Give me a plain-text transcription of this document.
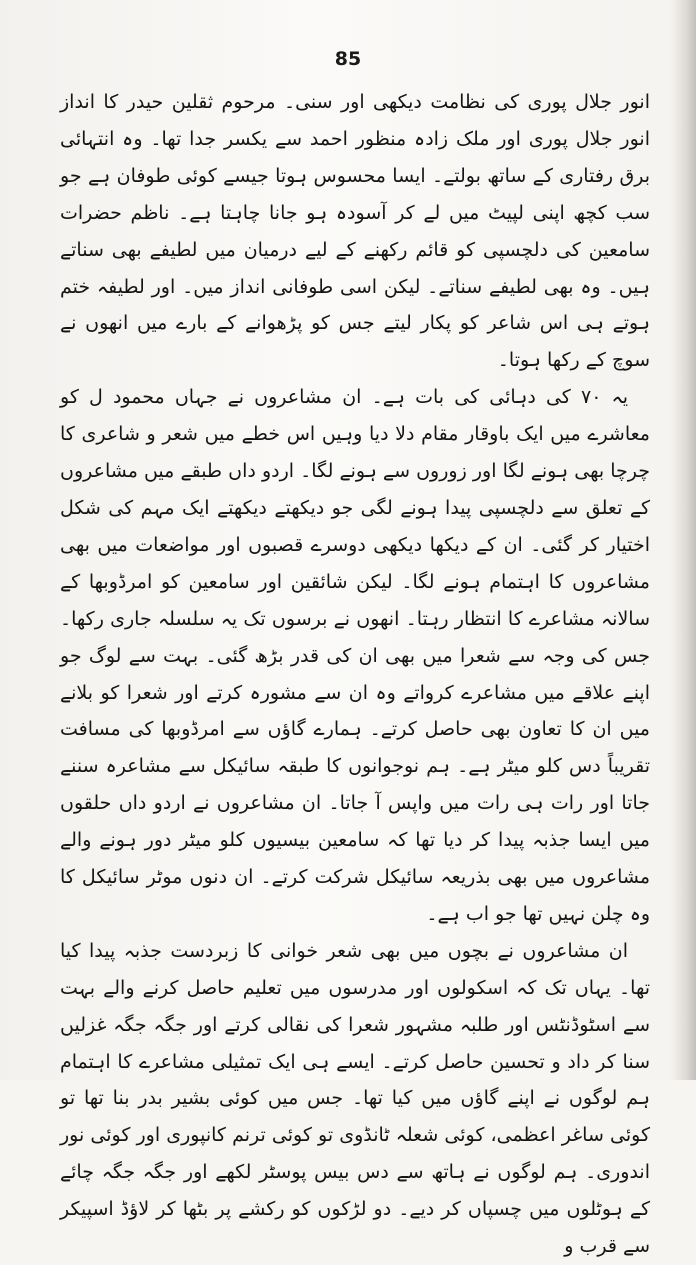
85

انور جلال پوری کی نظامت دیکھی اور سنی۔ مرحوم ثقلین حیدر کا انداز انور جلال پوری اور ملک زادہ منظور احمد سے یکسر جدا تھا۔ وہ انتہائی برق رفتاری کے ساتھ بولتے۔ ایسا محسوس ہوتا جیسے کوئی طوفان ہے جو سب کچھ اپنی لپیٹ میں لے کر آسودہ ہو جانا چاہتا ہے۔ ناظم حضرات سامعین کی دلچسپی کو قائم رکھنے کے لیے درمیان میں لطیفے بھی سناتے ہیں۔ وہ بھی لطیفے سناتے۔ لیکن اسی طوفانی انداز میں۔ اور لطیفہ ختم ہوتے ہی اس شاعر کو پکار لیتے جس کو پڑھوانے کے بارے میں انھوں نے سوچ کے رکھا ہوتا۔

یہ ۷۰ کی دہائی کی بات ہے۔ ان مشاعروں نے جہاں محمود ل کو معاشرے میں ایک باوقار مقام دلا دیا وہیں اس خطے میں شعر و شاعری کا چرچا بھی ہونے لگا اور زوروں سے ہونے لگا۔ اردو داں طبقے میں مشاعروں کے تعلق سے دلچسپی پیدا ہونے لگی جو دیکھتے دیکھتے ایک مہم کی شکل اختیار کر گئی۔ ان کے دیکھا دیکھی دوسرے قصبوں اور مواضعات میں بھی مشاعروں کا اہتمام ہونے لگا۔ لیکن شائقین اور سامعین کو امرڈوبھا کے سالانہ مشاعرے کا انتظار رہتا۔ انھوں نے برسوں تک یہ سلسلہ جاری رکھا۔ جس کی وجہ سے شعرا میں بھی ان کی قدر بڑھ گئی۔ بہت سے لوگ جو اپنے علاقے میں مشاعرے کرواتے وہ ان سے مشورہ کرتے اور شعرا کو بلانے میں ان کا تعاون بھی حاصل کرتے۔ ہمارے گاؤں سے امرڈوبھا کی مسافت تقریباً دس کلو میٹر ہے۔ ہم نوجوانوں کا طبقہ سائیکل سے مشاعرہ سننے جاتا اور رات ہی رات میں واپس آ جاتا۔ ان مشاعروں نے اردو داں حلقوں میں ایسا جذبہ پیدا کر دیا تھا کہ سامعین بیسیوں کلو میٹر دور ہونے والے مشاعروں میں بھی بذریعہ سائیکل شرکت کرتے۔ ان دنوں موٹر سائیکل کا وہ چلن نہیں تھا جو اب ہے۔

ان مشاعروں نے بچوں میں بھی شعر خوانی کا زبردست جذبہ پیدا کیا تھا۔ یہاں تک کہ اسکولوں اور مدرسوں میں تعلیم حاصل کرنے والے بہت سے اسٹوڈنٹس اور طلبہ مشہور شعرا کی نقالی کرتے اور جگہ جگہ غزلیں سنا کر داد و تحسین حاصل کرتے۔ ایسے ہی ایک تمثیلی مشاعرے کا اہتمام ہم لوگوں نے اپنے گاؤں میں کیا تھا۔ جس میں کوئی بشیر بدر بنا تھا تو کوئی ساغر اعظمی، کوئی شعلہ ٹانڈوی تو کوئی ترنم کانپوری اور کوئی نور اندوری۔ ہم لوگوں نے ہاتھ سے دس بیس پوسٹر لکھے اور جگہ جگہ چائے کے ہوٹلوں میں چسپاں کر دیے۔ دو لڑکوں کو رکشے پر بٹھا کر لاؤڈ اسپیکر سے قرب و
